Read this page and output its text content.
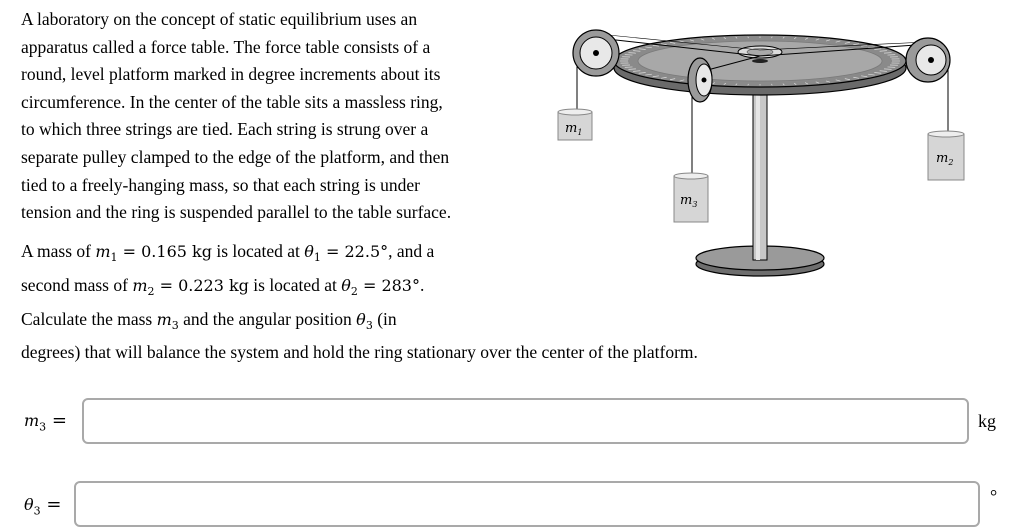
A laboratory on the concept of static equilibrium uses an
apparatus called a force table. The force table consists of a
round, level platform marked in degree increments about its
circumference. In the center of the table sits a massless ring,
to which three strings are tied. Each string is strung over a
separate pulley clamped to the edge of the platform, and then
tied to a freely-hanging mass, so that each string is under
tension and the ring is suspended parallel to the table surface.
A mass of $m_1 = 0.165$ kg is located at $\theta_1 = 22.5^\circ$, and a
second mass of $m_2 = 0.223$ kg is located at $\theta_2 = 283^\circ$.
Calculate the mass $m_3$ and the angular position $\theta_3$ (in
degrees) that will balance the system and hold the ring stationary over the center of the platform.
$m_1$
$m_2$
$m_3$
$m_3$ =	kg
$\theta_3$ =	°
